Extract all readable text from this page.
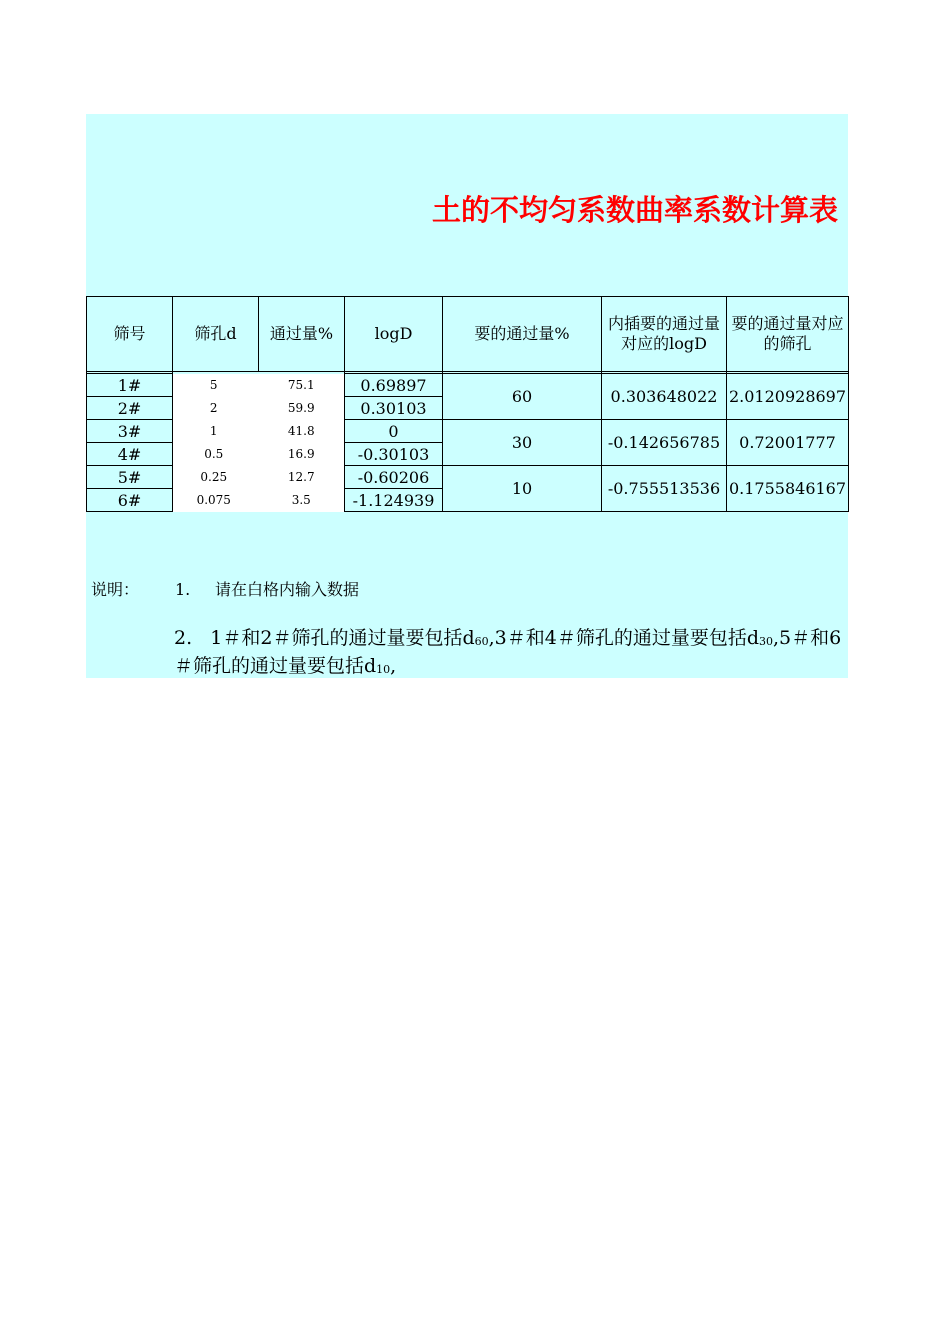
土的不均匀系数曲率系数计算表
筛号	筛孔d	通过量%	logD	要的通过量%	内插要的通过量对应的logD	要的通过量对应的筛孔

1#	5	75.1	0.69897	60	0.303648022	2.0120928697
2#	2	59.9	0.30103			
3#	1	41.8	0	30	-0.142656785	0.72001777
4#	0.5	16.9	-0.30103			
5#	0.25	12.7	-0.60206	10	-0.755513536	0.1755846167
6#	0.075	3.5	-1.124939			
说明： 1. 请在白格内输入数据
2. 1＃和2＃筛孔的通过量要包括$d_{60},3$＃和4＃筛孔的通过量要包括$d_{30},5$＃和6＃筛孔的通过量要包括$d_{10}$,
